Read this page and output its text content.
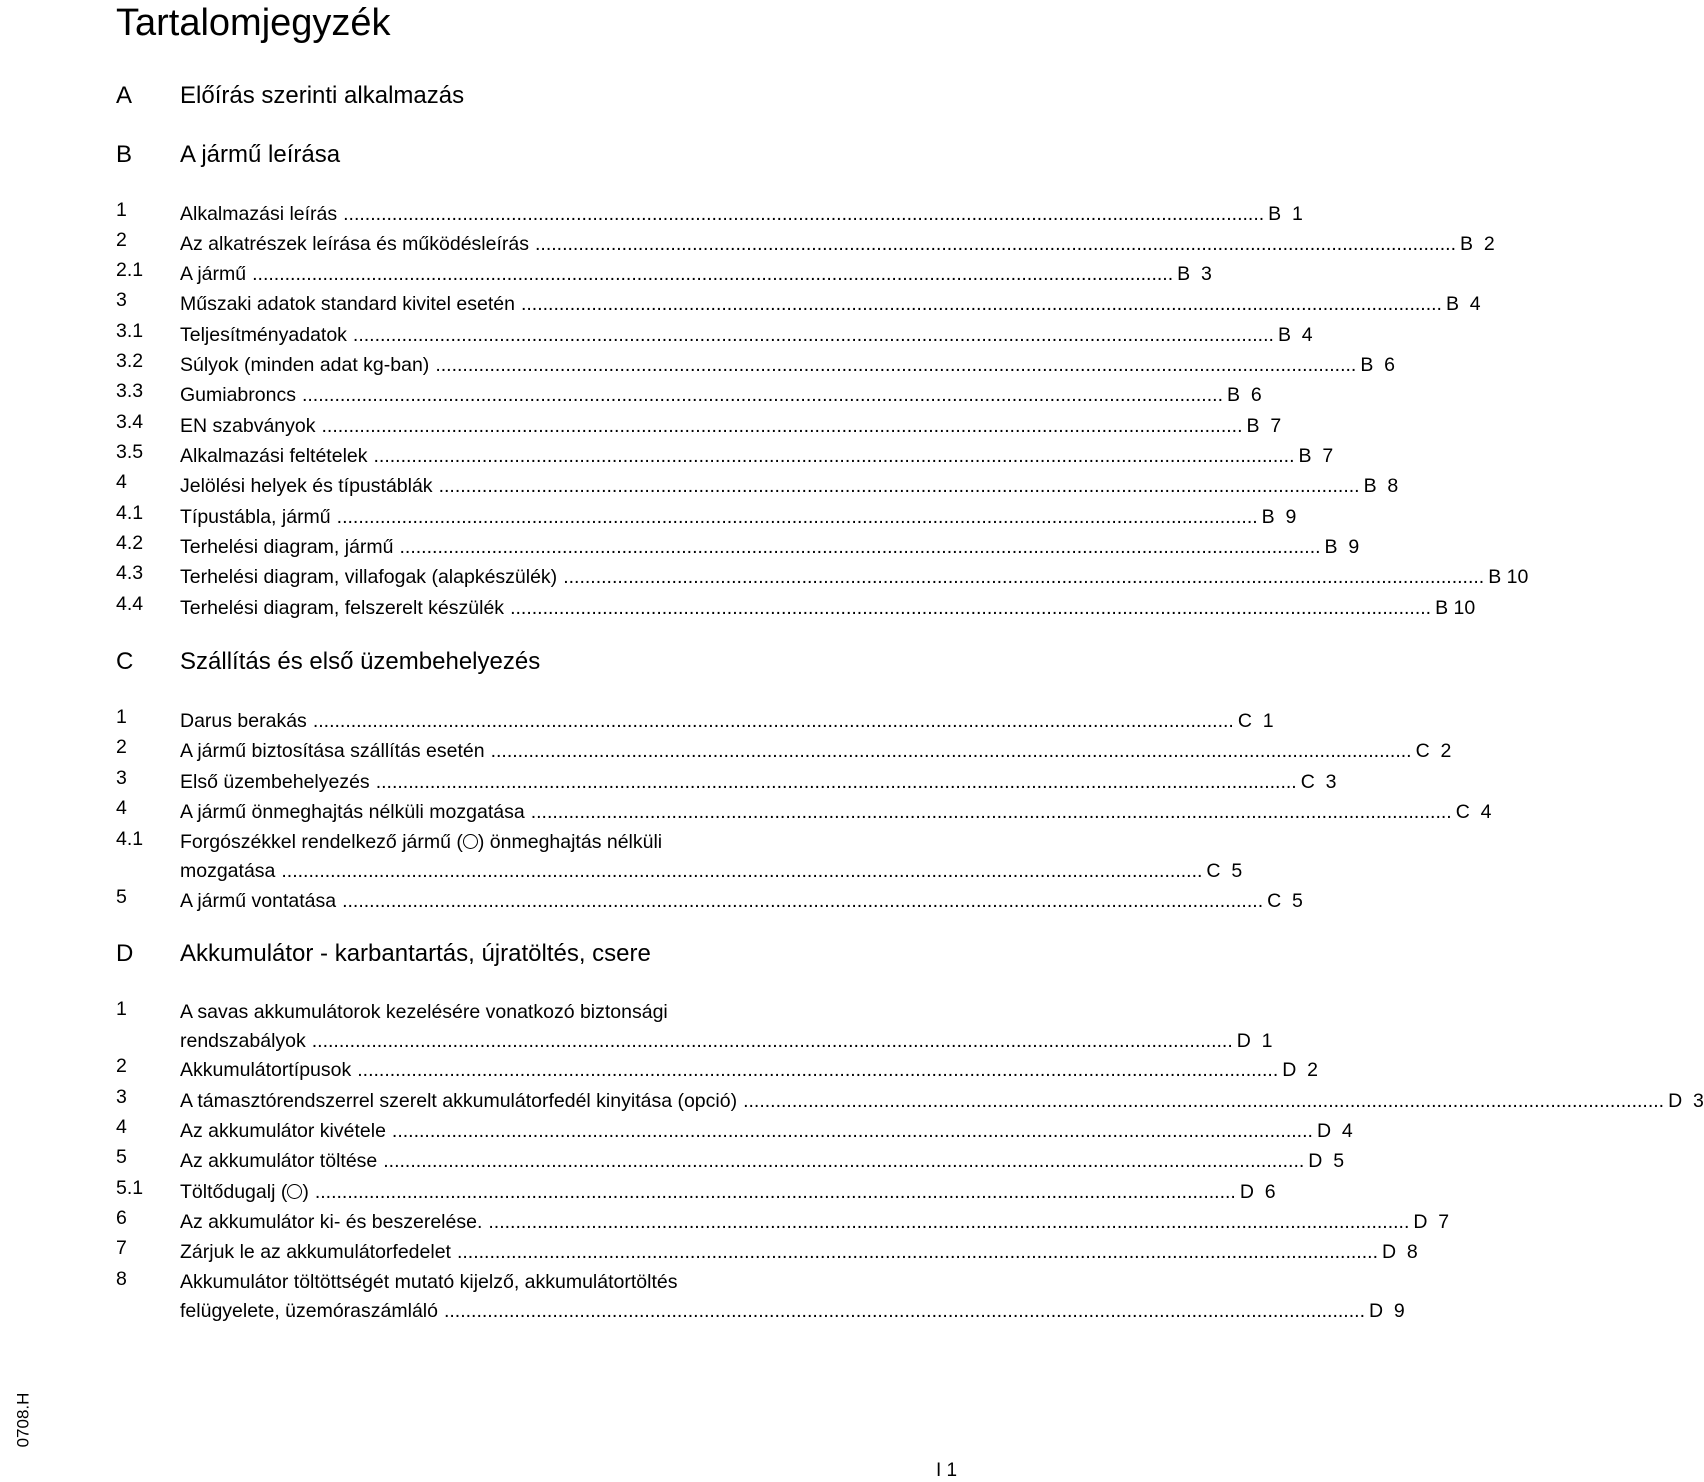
Tartalomjegyzék
A Előírás szerinti alkalmazás
B A jármű leírása
1	Alkalmazási leírás .......................................................................................................................................................................... B  1
2	Az alkatrészek leírása és működésleírás .......................................................................................................................................................................... B  2
2.1 A jármű .......................................................................................................................................................................... B  3
3	Műszaki adatok standard kivitel esetén .......................................................................................................................................................................... B  4
3.1 Teljesítményadatok .......................................................................................................................................................................... B  4
3.2 Súlyok (minden adat kg-ban) .......................................................................................................................................................................... B  6
3.3 Gumiabroncs .......................................................................................................................................................................... B  6
3.4 EN szabványok .......................................................................................................................................................................... B  7
3.5 Alkalmazási feltételek .......................................................................................................................................................................... B  7
4	Jelölési helyek és típustáblák .......................................................................................................................................................................... B  8
4.1 Típustábla, jármű .......................................................................................................................................................................... B  9
4.2 Terhelési diagram, jármű .......................................................................................................................................................................... B  9
4.3 Terhelési diagram, villafogak (alapkészülék) .......................................................................................................................................................................... B 10
4.4 Terhelési diagram, felszerelt készülék .......................................................................................................................................................................... B 10
C Szállítás és első üzembehelyezés
1	Darus berakás .......................................................................................................................................................................... C  1
2	A jármű biztosítása szállítás esetén .......................................................................................................................................................................... C  2
3	Első üzembehelyezés .......................................................................................................................................................................... C  3
4	A jármű önmeghajtás nélküli mozgatása .......................................................................................................................................................................... C  4
4.1 Forgószékkel rendelkező jármű ( ) önmeghajtás nélküli
mozgatása .......................................................................................................................................................................... C  5
5	A jármű vontatása .......................................................................................................................................................................... C  5
D Akkumulátor - karbantartás, újratöltés, csere
1	A savas akkumulátorok kezelésére vonatkozó biztonsági
rendszabályok .......................................................................................................................................................................... D  1
2	Akkumulátortípusok .......................................................................................................................................................................... D  2
3	A támasztórendszerrel szerelt akkumulátorfedél kinyitása (opció) .......................................................................................................................................................................... D  3
4	Az akkumulátor kivétele .......................................................................................................................................................................... D  4
5	Az akkumulátor töltése .......................................................................................................................................................................... D  5
5.1 Töltődugalj ( ) .......................................................................................................................................................................... D  6
6	Az akkumulátor ki- és beszerelése. .......................................................................................................................................................................... D  7
7	Zárjuk le az akkumulátorfedelet .......................................................................................................................................................................... D  8
8	Akkumulátor töltöttségét mutató kijelző, akkumulátortöltés
felügyelete, üzemóraszámláló .......................................................................................................................................................................... D  9
0708.H
I 1
